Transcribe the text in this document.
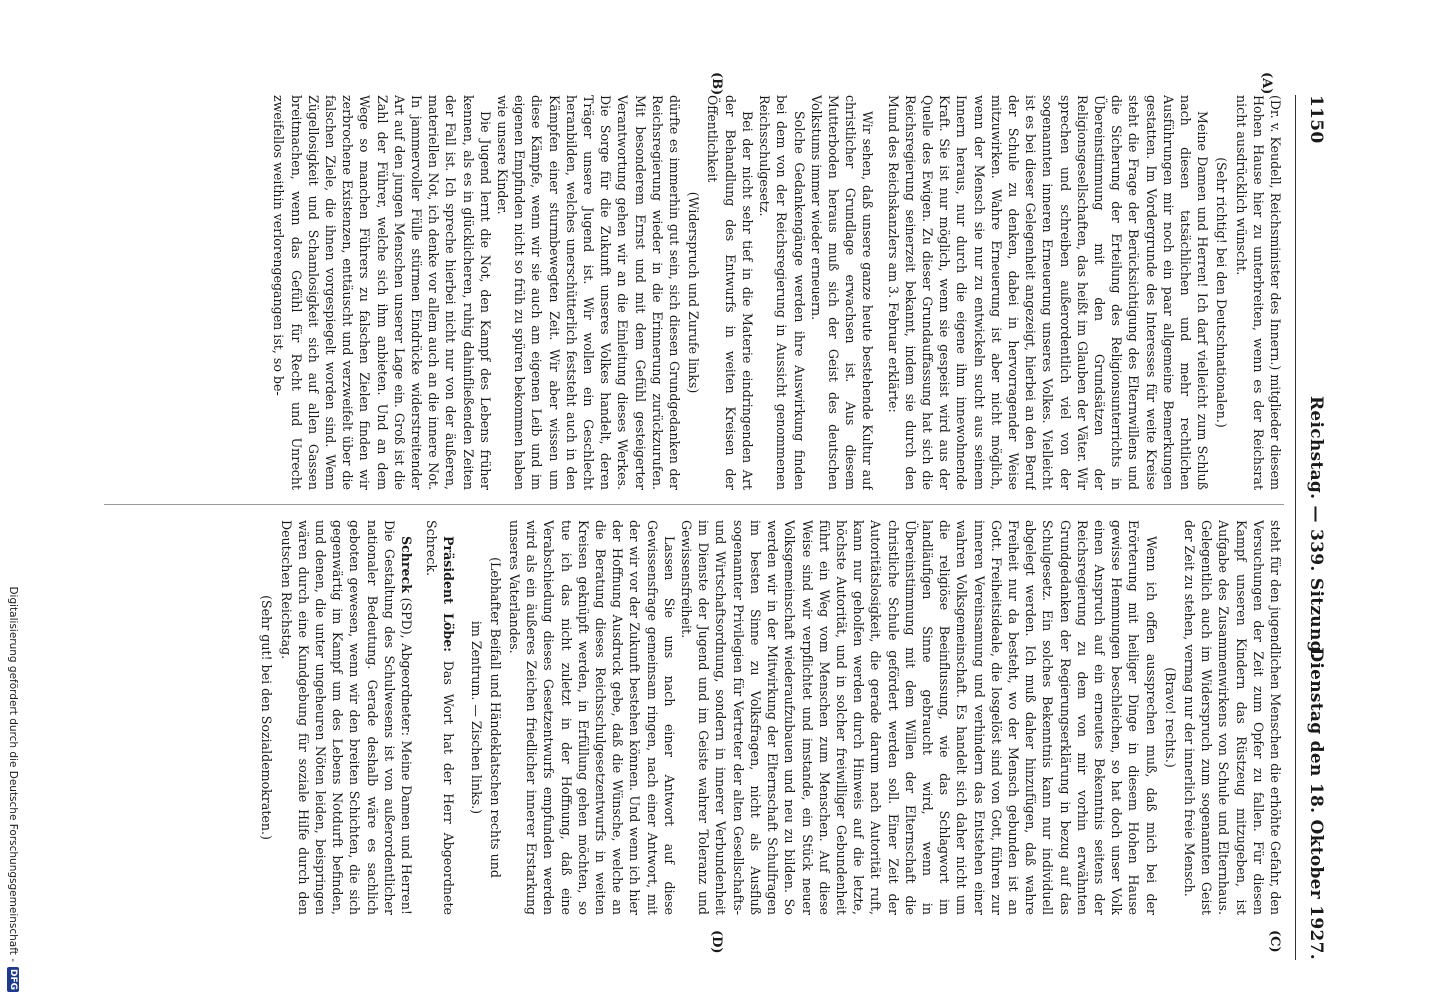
1150
Reichstag. — 339. Sitzung.
Dienstag den 18. Oktober 1927.
(A)
(B)
(C)
(D)

(Dr. v. Keudell, Reichsminister des Innern.) mitglieder diesem Hohen Hause hier zu unterbreiten, wenn es der Reichsrat nicht ausdrücklich wünscht.

(Sehr richtig! bei den Deutschnationalen.)

Meine Damen und Herren! Ich darf vielleicht zum Schluß nach diesen tatsächlichen und mehr rechtlichen Ausführungen mir noch ein paar allgemeine Bemerkungen gestatten. Im Vordergrunde des Interesses für weite Kreise steht die Frage der Berücksichtigung des Elternwillens und die Sicherung der Erteilung des Religionsunterrichts in Übereinstimmung mit den Grundsätzen der Religionsgesellschaften, das heißt im Glauben der Väter. Wir sprechen und schreiben außerordentlich viel von der sogenannten inneren Erneuerung unseres Volkes. Vielleicht ist es bei dieser Gelegenheit angezeigt, hierbei an den Beruf der Schule zu denken, dabei in hervorragender Weise mitzuwirken. Wahre Erneuerung ist aber nicht möglich, wenn der Mensch sie nur zu entwickeln sucht aus seinem Innern heraus, nur durch die eigene ihm innewohnende Kraft. Sie ist nur möglich, wenn sie gespeist wird aus der Quelle des Ewigen. Zu dieser Grundauffassung hat sich die Reichsregierung seinerzeit bekannt, indem sie durch den Mund des Reichskanzlers am 3. Februar erklärte:

Wir sehen, daß unsere ganze heute bestehende Kultur auf christlicher Grundlage erwachsen ist. Aus diesem Mutterboden heraus muß sich der Geist des deutschen Volkstums immer wieder erneuern.

Solche Gedankengänge werden ihre Auswirkung finden bei dem von der Reichsregierung in Aussicht genommenen Reichsschulgesetz.

Bei der nicht sehr tief in die Materie eindringenden Art der Behandlung des Entwurfs in weiten Kreisen der Öffentlichkeit

(Widerspruch und Zurufe links)

dürfte es immerhin gut sein, sich diesen Grundgedanken der Reichsregierung wieder in die Erinnerung zurückzurufen. Mit besonderem Ernst und mit dem Gefühl gesteigerter Verantwortung gehen wir an die Einleitung dieses Werkes. Die Sorge für die Zukunft unseres Volkes handelt, deren Träger unsere Jugend ist. Wir wollen ein Geschlecht heranbilden, welches unerschütterlich feststeht auch in den Kämpfen einer sturmbewegten Zeit. Wir aber wissen um diese Kämpfe, wenn wir sie auch am eigenen Leib und im eigenen Empfinden nicht so früh zu spüren bekommen haben wie unsere Kinder.

Die Jugend lernt die Not, den Kampf des Lebens früher kennen, als es in glücklicheren, ruhig dahinfließenden Zeiten der Fall ist. Ich spreche hierbei nicht nur von der äußeren, materiellen Not, ich denke vor allem auch an die innere Not. In jammervoller Fülle stürmen Eindrücke widerstreitender Art auf den jungen Menschen unserer Lage ein. Groß ist die Zahl der Führer, welche sich ihm anbieten. Und an dem Wege so manchen Führers zu falschen Zielen finden wir zerbrochene Existenzen, enttäuscht und verzweifelt über die falschen Ziele, die ihnen vorgespiegelt worden sind. Wenn Zügellosigkeit und Schamlosigkeit sich auf allen Gassen breitmachen, wenn das Gefühl für Recht und Unrecht zweifellos weithin verlorengegangen ist, so be-

steht für den jugendlichen Menschen die erhöhte Gefahr, den Versuchungen der Zeit zum Opfer zu fallen. Für diesen Kampf unseren Kindern das Rüstzeug mitzugeben, ist Aufgabe des Zusammenwirkens von Schule und Elternhaus. Gelegentlich auch im Widerspruch zum sogenannten Geist der Zeit zu stehen, vermag nur der innerlich freie Mensch.

(Bravo! rechts.)

Wenn ich offen aussprechen muß, daß mich bei der Erörterung mit heiliger Dinge in diesem Hohen Hause gewisse Hemmungen beschleichen, so hat doch unser Volk einen Anspruch auf ein erneutes Bekenntnis seitens der Reichsregierung zu dem von mir vorhin erwähnten Grundgedanken der Regierungserklärung in bezug auf das Schulgesetz. Ein solches Bekenntnis kann nur individuell abgelegt werden. Ich muß daher hinzufügen, daß wahre Freiheit nur da besteht, wo der Mensch gebunden ist an Gott. Freiheitsideale, die losgelöst sind von Gott, führen zur inneren Vereinsamung und verhindern das Entstehen einer wahren Volksgemeinschaft. Es handelt sich daher nicht um die religiöse Beeinflussung, wie das Schlagwort im landläufigen Sinne gebraucht wird, wenn in Übereinstimmung mit dem Willen der Elternschaft die christliche Schule gefördert werden soll. Einer Zeit der Autoritätslosigkeit, die gerade darum nach Autorität ruft, kann nur geholfen werden durch Hinweis auf die letzte, höchste Autorität, und in solcher freiwilliger Gebundenheit führt ein Weg vom Menschen zum Menschen. Auf diese Weise sind wir verpflichtet und imstande, ein Stück neuer Volksgemeinschaft wiederaufzubauen und neu zu bilden. So werden wir in der Mitwirkung der Elternschaft Schulfragen im besten Sinne zu Volksfragen, nicht als Ausfluß sogenannter Privilegien für Vertreter der alten Gesellschafts- und Wirtschaftsordnung, sondern in innerer Verbundenheit im Dienste der Jugend und im Geiste wahrer Toleranz und Gewissensfreiheit.

Lassen Sie uns nach einer Antwort auf diese Gewissensfrage gemeinsam ringen, nach einer Antwort, mit der wir vor der Zukunft bestehen können. Und wenn ich hier der Hoffnung Ausdruck gebe, daß die Wünsche, welche an die Beratung dieses Reichsschulgesetzentwurfs in weiten Kreisen geknüpft werden, in Erfüllung gehen möchten, so tue ich das nicht zuletzt in der Hoffnung, daß eine Verabschiedung dieses Gesetzentwurfs empfunden werden wird als ein äußeres Zeichen friedlicher innerer Erstarkung unseres Vaterlandes.

(Lebhafter Beifall und Händeklatschen rechts und

im Zentrum. — Zischen links.)

Präsident Löbe: Das Wort hat der Herr Abgeordnete Schreck.

Schreck (SPD), Abgeordneter: Meine Damen und Herren! Die Gestaltung des Schulwesens ist von außerordentlicher nationaler Bedeutung. Gerade deshalb wäre es sachlich geboten gewesen, wenn wir den breiten Schichten, die sich gegenwärtig im Kampf um des Lebens Notdurft befinden, und denen, die unter ungeheuren Nöten leiden, beispringen wären durch eine Kundgebung für soziale Hilfe durch den Deutschen Reichstag.

(Sehr gut! bei den Sozialdemokraten.)

Digitalisierung gefördert durch die Deutsche Forschungsgemeinschaft -
DFG
